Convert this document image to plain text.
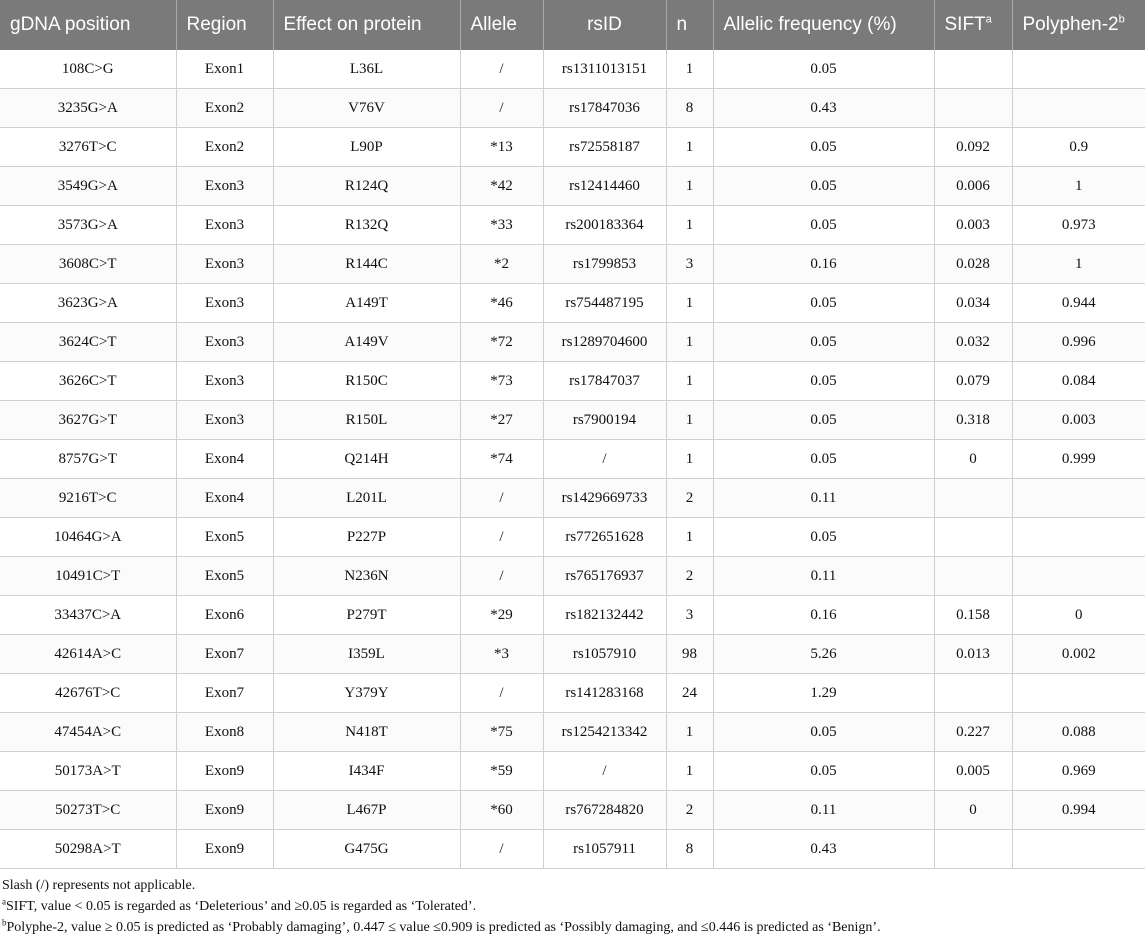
gDNA position	Region	Effect on protein	Allele	rsID	n	Allelic frequency (%)	SIFT$^a$	Polyphen-2$^b$
108C>G	Exon1	L36L	/	rs1311013151	1	0.05		
3235G>A	Exon2	V76V	/	rs17847036	8	0.43		
3276T>C	Exon2	L90P	*13	rs72558187	1	0.05	0.092	0.9
3549G>A	Exon3	R124Q	*42	rs12414460	1	0.05	0.006	1
3573G>A	Exon3	R132Q	*33	rs200183364	1	0.05	0.003	0.973
3608C>T	Exon3	R144C	*2	rs1799853	3	0.16	0.028	1
3623G>A	Exon3	A149T	*46	rs754487195	1	0.05	0.034	0.944
3624C>T	Exon3	A149V	*72	rs1289704600	1	0.05	0.032	0.996
3626C>T	Exon3	R150C	*73	rs17847037	1	0.05	0.079	0.084
3627G>T	Exon3	R150L	*27	rs7900194	1	0.05	0.318	0.003
8757G>T	Exon4	Q214H	*74	/	1	0.05	0	0.999
9216T>C	Exon4	L201L	/	rs1429669733	2	0.11		
10464G>A	Exon5	P227P	/	rs772651628	1	0.05		
10491C>T	Exon5	N236N	/	rs765176937	2	0.11		
33437C>A	Exon6	P279T	*29	rs182132442	3	0.16	0.158	0
42614A>C	Exon7	I359L	*3	rs1057910	98	5.26	0.013	0.002
42676T>C	Exon7	Y379Y	/	rs141283168	24	1.29		
47454A>C	Exon8	N418T	*75	rs1254213342	1	0.05	0.227	0.088
50173A>T	Exon9	I434F	*59	/	1	0.05	0.005	0.969
50273T>C	Exon9	L467P	*60	rs767284820	2	0.11	0	0.994
50298A>T	Exon9	G475G	/	rs1057911	8	0.43		
Slash (/) represents not applicable.
$^a$SIFT, value < 0.05 is regarded as ‘Deleterious’ and ≥0.05 is regarded as ‘Tolerated’.
$^b$Polyphe-2, value ≥ 0.05 is predicted as ‘Probably damaging’, 0.447 ≤ value ≤0.909 is predicted as ‘Possibly damaging, and ≤0.446 is predicted as ‘Benign’.
